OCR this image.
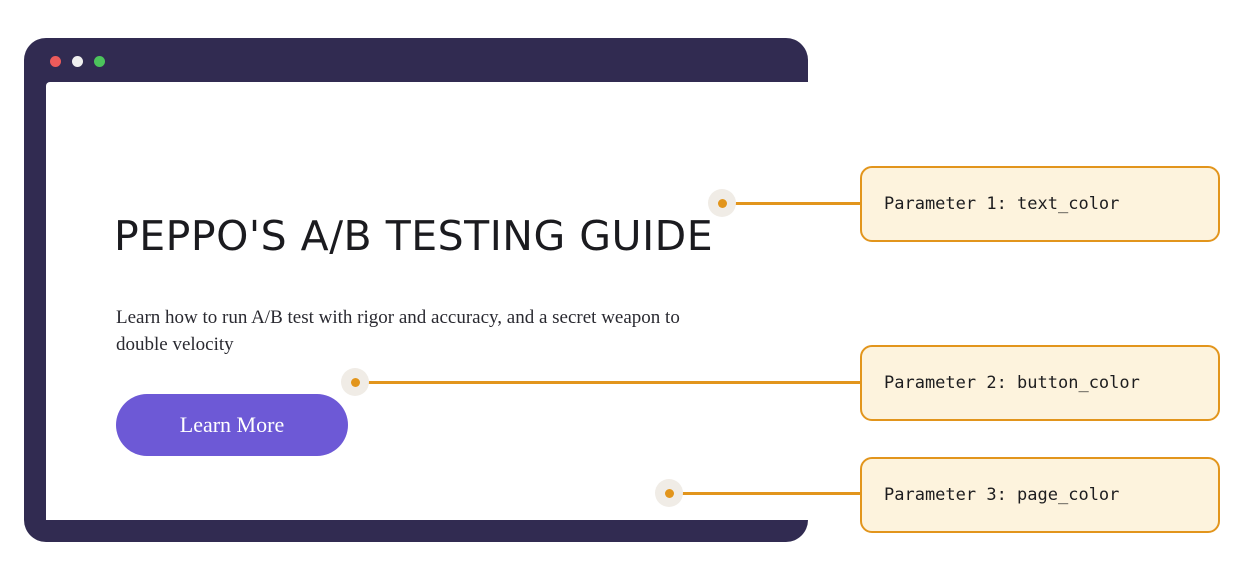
PEPPO'S A/B TESTING GUIDE
Learn how to run A/B test with rigor and accuracy, and a secret weapon to double velocity
Learn More
Parameter 1: text_color
Parameter 2: button_color
Parameter 3: page_color
